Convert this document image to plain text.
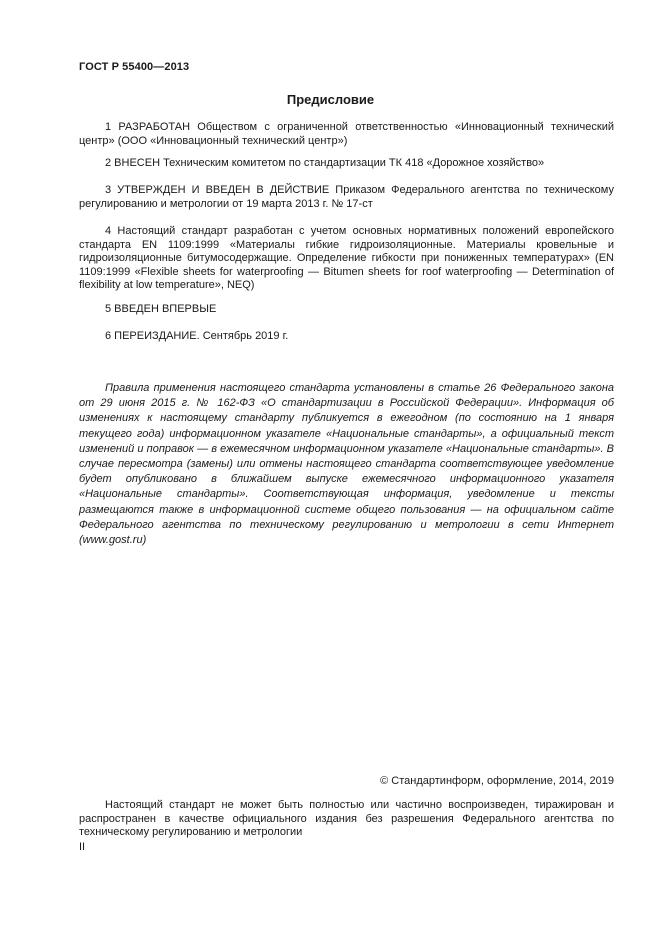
ГОСТ Р 55400—2013
Предисловие

1 РАЗРАБОТАН Обществом с ограниченной ответственностью «Инновационный технический центр» (ООО «Инновационный технический центр»)

2 ВНЕСЕН Техническим комитетом по стандартизации ТК 418 «Дорожное хозяйство»

3 УТВЕРЖДЕН И ВВЕДЕН В ДЕЙСТВИЕ Приказом Федерального агентства по техническому регулированию и метрологии от 19 марта 2013 г. № 17-ст

4 Настоящий стандарт разработан с учетом основных нормативных положений европейского стандарта EN 1109:1999 «Материалы гибкие гидроизоляционные. Материалы кровельные и гидроизоляционные битумосодержащие. Определение гибкости при пониженных температурах» (EN 1109:1999 «Flexible sheets for waterproofing — Bitumen sheets for roof waterproofing — Determination of flexibility at low temperature», NEQ)

5 ВВЕДЕН ВПЕРВЫЕ

6 ПЕРЕИЗДАНИЕ. Сентябрь 2019 г.

Правила применения настоящего стандарта установлены в статье 26 Федерального закона от 29 июня 2015 г. № 162-ФЗ «О стандартизации в Российской Федерации». Информация об изменениях к настоящему стандарту публикуется в ежегодном (по состоянию на 1 января текущего года) информационном указателе «Национальные стандарты», а официальный текст изменений и поправок — в ежемесячном информационном указателе «Национальные стандарты». В случае пересмотра (замены) или отмены настоящего стандарта соответствующее уведомление будет опубликовано в ближайшем выпуске ежемесячного информационного указателя «Национальные стандарты». Соответствующая информация, уведомление и тексты размещаются также в информационной системе общего пользования — на официальном сайте Федерального агентства по техническому регулированию и метрологии в сети Интернет (www.gost.ru)

© Стандартинформ, оформление, 2014, 2019

Настоящий стандарт не может быть полностью или частично воспроизведен, тиражирован и распространен в качестве официального издания без разрешения Федерального агентства по техническому регулированию и метрологии

II
